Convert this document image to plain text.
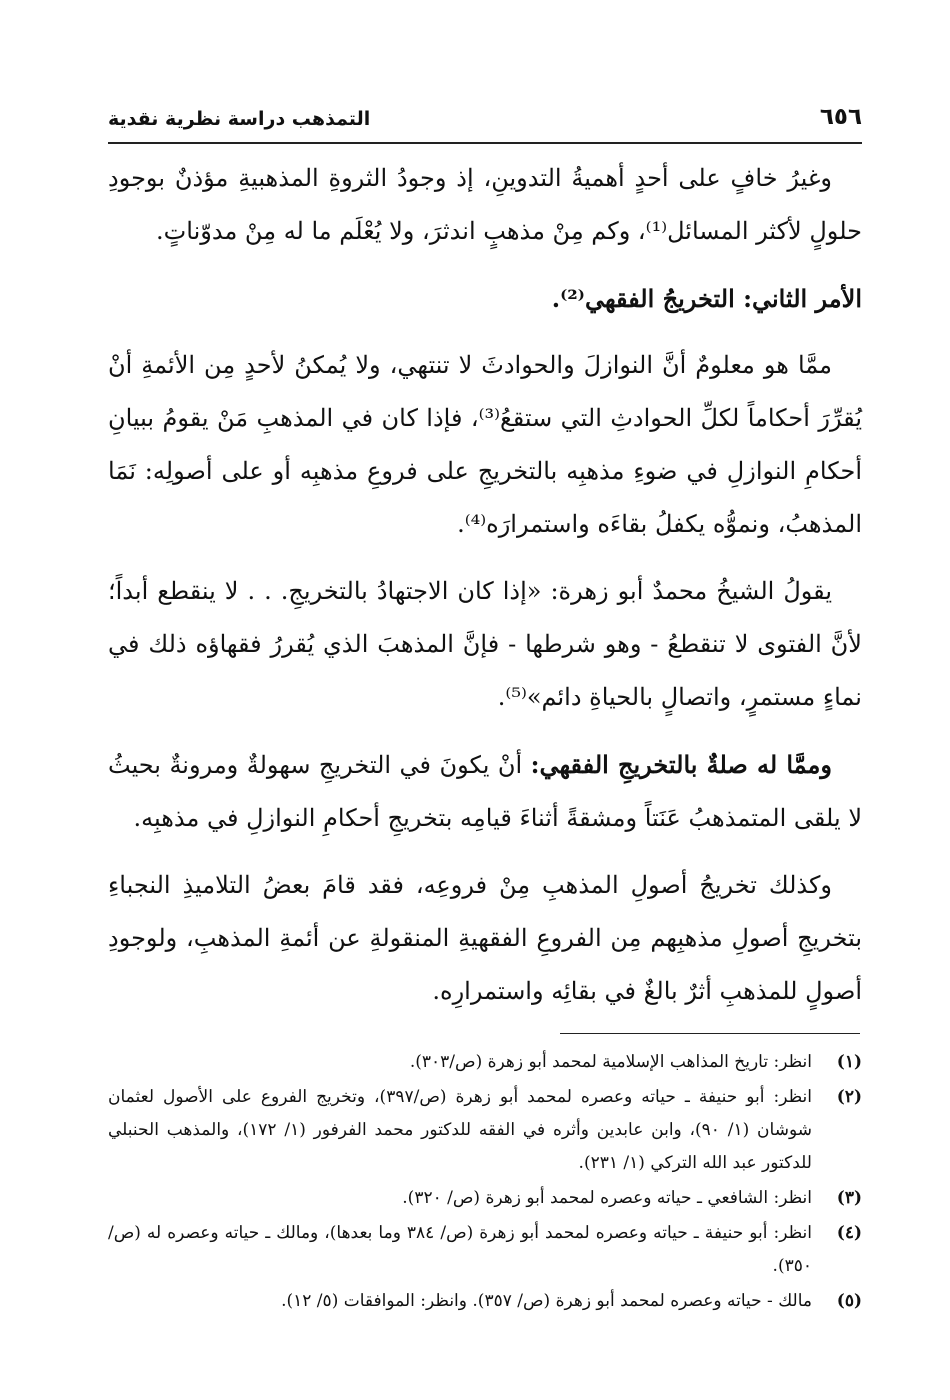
٦٥٦
التمذهب دراسة نظرية نقدية

وغيرُ خافٍ على أحدٍ أهميةُ التدوينِ، إذ وجودُ الثروةِ المذهبيةِ مؤذنٌ بوجودِ حلولٍ لأكثر المسائل⁽¹⁾، وكم مِنْ مذهبٍ اندثرَ، ولا يُعْلَم ما له مِنْ مدوّناتٍ.

الأمر الثاني: التخريجُ الفقهي⁽²⁾.

ممَّا هو معلومٌ أنَّ النوازلَ والحوادثَ لا تنتهي، ولا يُمكنُ لأحدٍ مِن الأئمةِ أنْ يُقرِّرَ أحكاماً لكلِّ الحوادثِ التي ستقعُ⁽³⁾، فإذا كان في المذهبِ مَنْ يقومُ ببيانِ أحكامِ النوازلِ في ضوءِ مذهبِه بالتخريجِ على فروعِ مذهبِه أو على أصولِه: نَمَا المذهبُ، ونموُّه يكفلُ بقاءَه واستمرارَه⁽⁴⁾.

يقولُ الشيخُ محمدٌ أبو زهرة: «إذا كان الاجتهادُ بالتخريجِ. . . لا ينقطع أبداً؛ لأنَّ الفتوى لا تنقطعُ - وهو شرطها - فإنَّ المذهبَ الذي يُقررُ فقهاؤه ذلك في نماءٍ مستمرٍ، واتصالٍ بالحياةِ دائم»⁽⁵⁾.

وممَّا له صلةٌ بالتخريجِ الفقهي: أنْ يكونَ في التخريجِ سهولةٌ ومرونةٌ بحيثُ لا يلقى المتمذهبُ عَنَتاً ومشقةً أثناءَ قيامِه بتخريجِ أحكامِ النوازلِ في مذهبِه.

وكذلك تخريجُ أصولِ المذهبِ مِنْ فروعِه، فقد قامَ بعضُ التلاميذِ النجباءِ بتخريجِ أصولِ مذهبِهم مِن الفروعِ الفقهيةِ المنقولةِ عن أئمةِ المذهبِ، ولوجودِ أصولٍ للمذهبِ أثرٌ بالغٌ في بقائِه واستمرارِه.

(١)
انظر: تاريخ المذاهب الإسلامية لمحمد أبو زهرة (ص/٣٠٣).
(٢)
انظر: أبو حنيفة ـ حياته وعصره لمحمد أبو زهرة (ص/٣٩٧)، وتخريج الفروع على الأصول لعثمان شوشان (١/ ٩٠)، وابن عابدين وأثره في الفقه للدكتور محمد الفرفور (١/ ١٧٢)، والمذهب الحنبلي للدكتور عبد الله التركي (١/ ٢٣١).
(٣)
انظر: الشافعي ـ حياته وعصره لمحمد أبو زهرة (ص/ ٣٢٠).
(٤)
انظر: أبو حنيفة ـ حياته وعصره لمحمد أبو زهرة (ص/ ٣٨٤ وما بعدها)، ومالك ـ حياته وعصره له (ص/ ٣٥٠).
(٥)
مالك - حياته وعصره لمحمد أبو زهرة (ص/ ٣٥٧). وانظر: الموافقات (٥/ ١٢).
